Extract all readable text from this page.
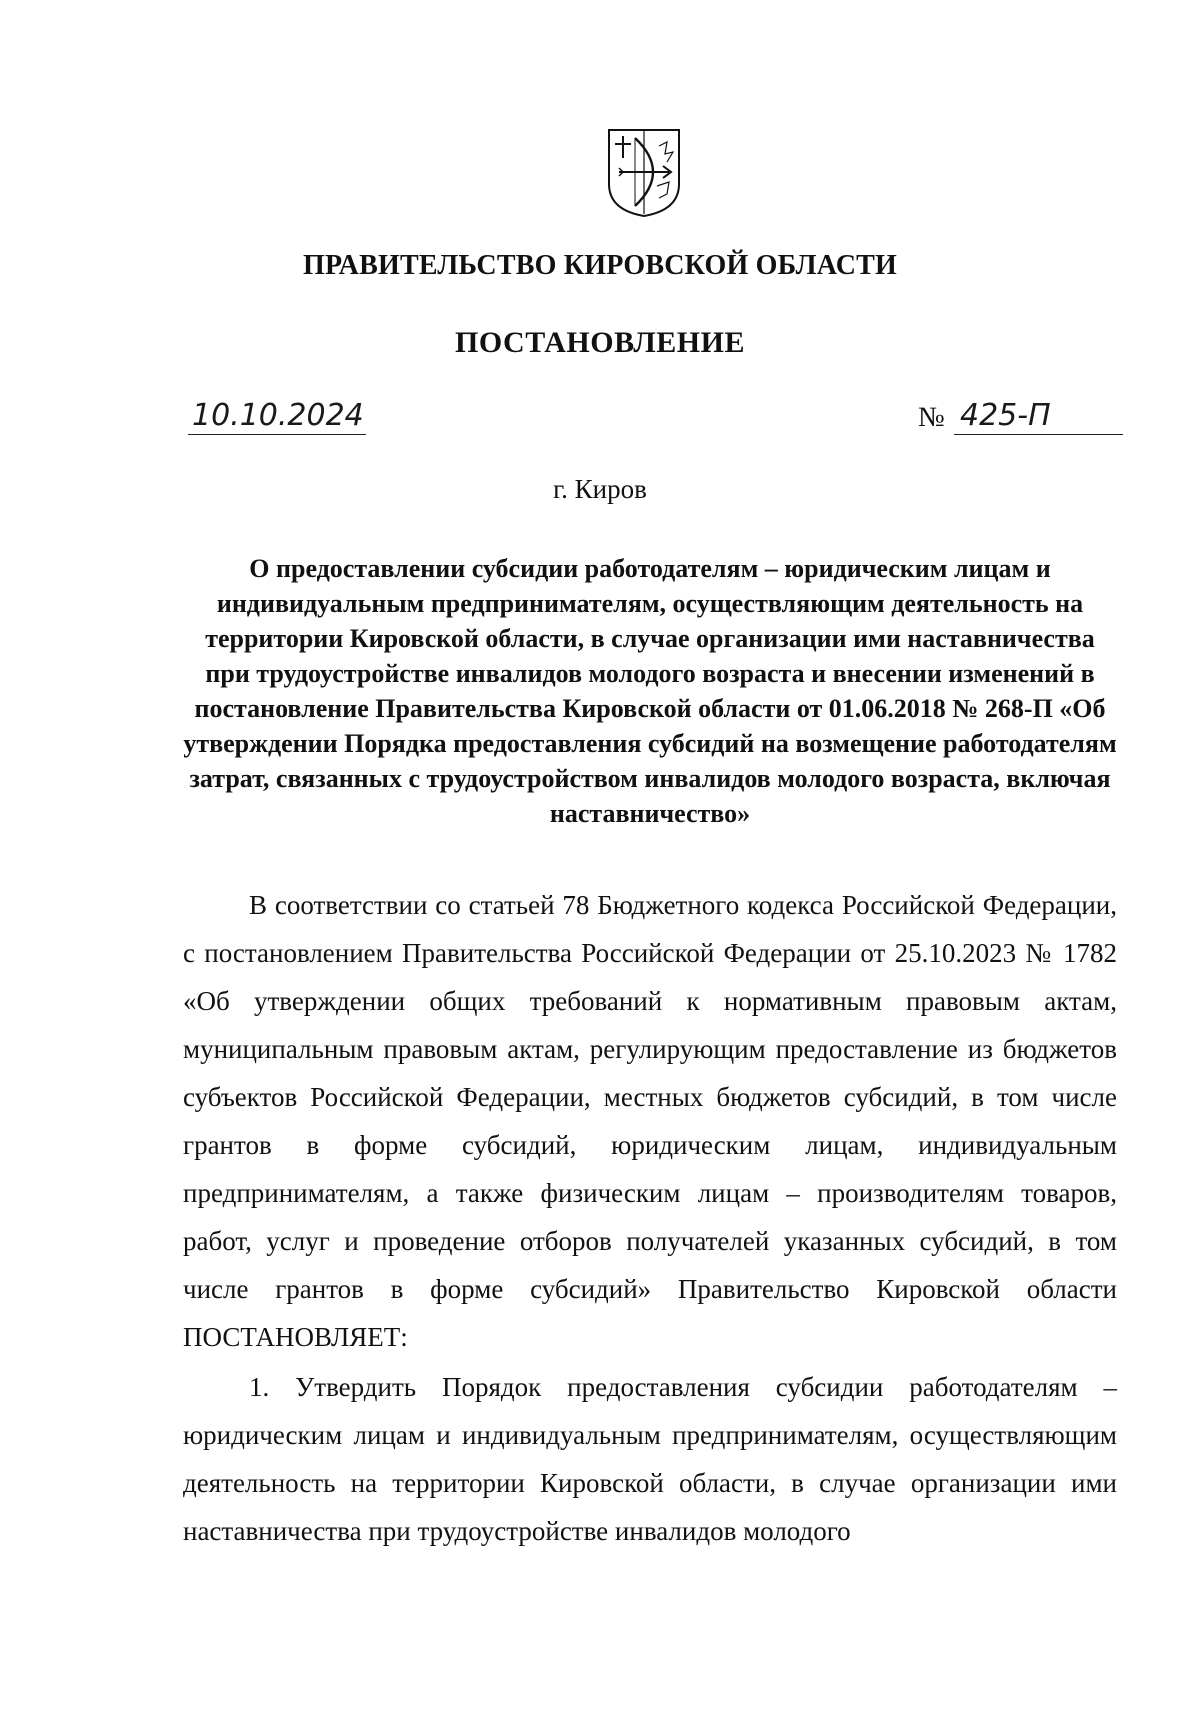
ПРАВИТЕЛЬСТВО КИРОВСКОЙ ОБЛАСТИ
ПОСТАНОВЛЕНИЕ
10.10.2024	№ 425-П
г. Киров
О предоставлении субсидии работодателям – юридическим лицам и индивидуальным предпринимателям, осуществляющим деятельность на территории Кировской области, в случае организации ими наставничества при трудоустройстве инвалидов молодого возраста и внесении изменений в постановление Правительства Кировской области от 01.06.2018 № 268-П «Об утверждении Порядка предоставления субсидий на возмещение работодателям затрат, связанных с трудоустройством инвалидов молодого возраста, включая наставничество»

В соответствии со статьей 78 Бюджетного кодекса Российской Федерации, с постановлением Правительства Российской Федерации от 25.10.2023 № 1782 «Об утверждении общих требований к нормативным правовым актам, муниципальным правовым актам, регулирующим предоставление из бюджетов субъектов Российской Федерации, местных бюджетов субсидий, в том числе грантов в форме субсидий, юридическим лицам, индивидуальным предпринимателям, а также физическим лицам – производителям товаров, работ, услуг и проведение отборов получателей указанных субсидий, в том числе грантов в форме субсидий» Правительство Кировской области ПОСТАНОВЛЯЕТ:

1. Утвердить Порядок предоставления субсидии работодателям – юридическим лицам и индивидуальным предпринимателям, осуществляющим деятельность на территории Кировской области, в случае организации ими наставничества при трудоустройстве инвалидов молодого
